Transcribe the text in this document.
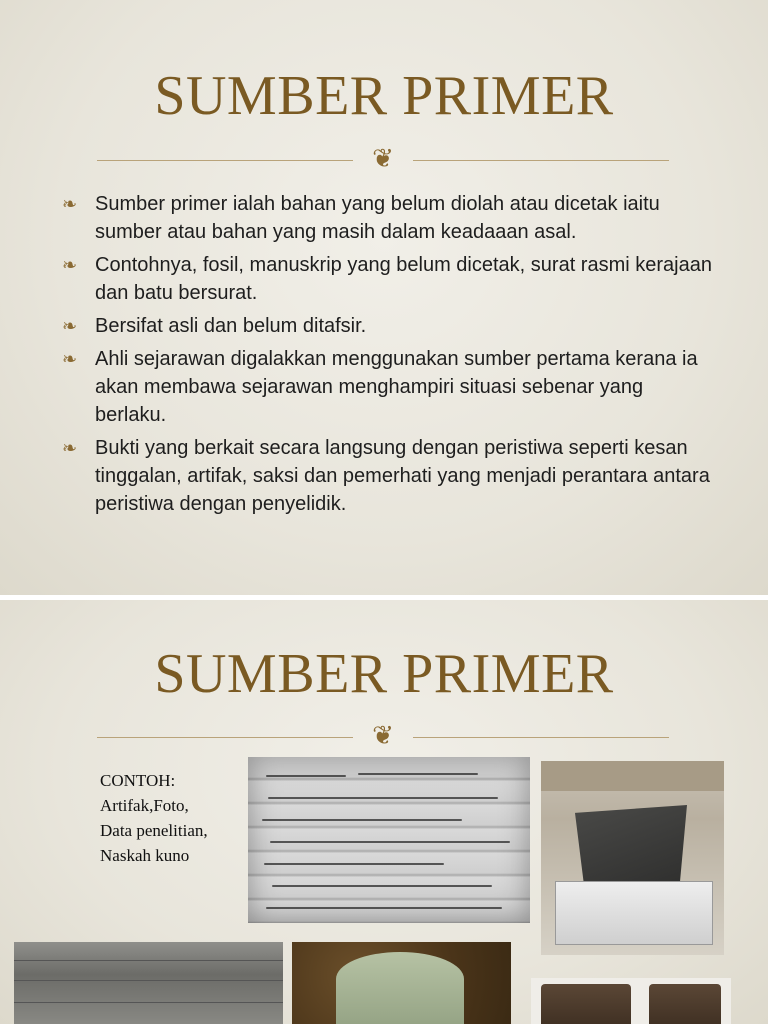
SUMBER PRIMER
❦
❧ Sumber primer ialah bahan yang belum diolah atau dicetak iaitu sumber atau bahan yang masih dalam keadaaan asal.
❧ Contohnya, fosil, manuskrip yang belum dicetak, surat rasmi kerajaan dan batu bersurat.
❧ Bersifat asli dan belum ditafsir.
❧ Ahli sejarawan digalakkan menggunakan sumber pertama kerana ia akan membawa sejarawan menghampiri situasi sebenar yang berlaku.
❧ Bukti yang berkait secara langsung dengan peristiwa seperti kesan tinggalan, artifak, saksi dan pemerhati yang menjadi perantara antara peristiwa dengan penyelidik.
SUMBER PRIMER
❦
CONTOH:
Artifak,Foto,
Data penelitian,
Naskah kuno
